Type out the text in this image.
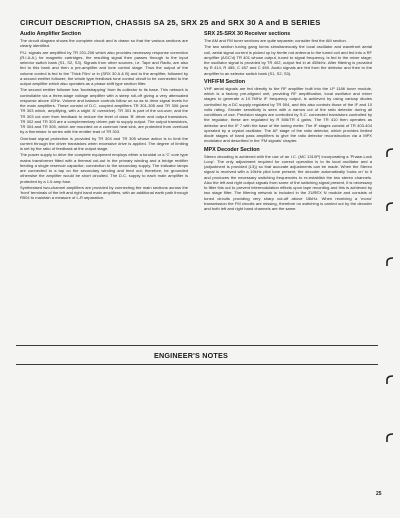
CIRCUIT DESCRIPTION, CHASSIS SA 25, SRX 25 and SRX 30 A and B SERIES
Audio Amplifier Section

The circuit diagram shows the complete circuit and is drawn so that the various sections are clearly identified.

P.U. signals are amplified by TR 201-206 which also provides necessary response correction (R.I.A.A.) for magnetic cartridges, the resulting signal then passes through to the input selector switch bank (S1, S2, S3). Signals from other sources, i.e. Tape and Radio, are also fed to this bank and then a pre-amplifier and tone control stage. Thus the output of the volume control is fed to the 'Thick Film' or in (SRX 30 A & B) and to the amplifier, followed by a second emitter follower; the whole type feedback tone control circuit to be connected to the output amplifier which also operates as a phase shift type section filter.

The second emitter follower has 'bootstrapping' from its collector to its base. This network is controllable via a three-stage voltage amplifier with a steep roll-off giving a very attenuated response above 40Hz. Volume and balance controls follow on so as to drive signal levels for the main amplifiers. These consist of D.C. coupled amplifiers TR 301-305 and TR 306 (and TR 303 which, amplifying, with a slight 'A' overdrive). TR 301 is part of the cut-over, and the TR 303 cut over from feedback to reduce the level of class 'B' driver and output transistors. TR 302 and TR 303 are a complementary driven pair to supply output. The output transistors, TR 304 and TR 305, which are mounted on a common heat sink, are protected from overload by a thermistor in series with the emitter lead of TR 303.

Overload signal protection is provided by TR 304 and TR 305 whose action is to limit the current through the driver transistors when excessive drive is applied. The degree of limiting is set by the ratio of feedback at the output stage.

The power supply to drive the complete equipment employs either a toroidal or a 'C' core type mains transformer fitted with a thermal cut-out in the primary winding and a bridge rectifier feeding a single reservoir capacitor; connection to the secondary supply. The indicator lamps are connected to a tap on the secondary winding and feed out; therefore, be grounded otherwise the amplifier would be short circuited. The D.C. supply to each main amplifier is protected by a 1.6 amp fuse.

Synthesised two-channel amplifiers are provided by connecting the main sections across the 'front' terminals of the left and right hand main amplifiers, with an additional earth path through R504 to maintain a measure of L-R separation.

SRX 25-SRX 30 Receiver sections

The AM and FM tuner sections are quite separate; consider first the AM section.

The two section tuning gang forms simultaneously the local oscillator and wavefront aerial coil, aerial signal current is picked up by ferrite rod antenna to the tuned coil and fed into a RF amplifier (AGC'd) TR 401 whose output, tuned to signal frequency, is fed to the mixer stage; the oscillator signal is provided by TR 402, output fed in at 455kHz. After filtering is provided by R 414, R 485, C 457 and C 459. Audio signals are fed from the detector and then to the amplifier to an selector switch bank (S1, S2, S3).

VHF/FM Section

VHF aerial signals are fed directly to the RF amplifier built into the LP 1186 tuner module, which is a factory pre-aligned unit, providing RF amplification, local oscillator and mixer stages to generate a 10.7MHz IF frequency output, is achieved by using varicap diodes controlled by a DC supply regulated by TR 504, and this also controls those of the IF and 10 volts rating. Greater sensitivity is seen with a narrow cut of the ratio detector during all conditions of use. Precision stages are controlled by S.C. connected transistors controlled by the regulator, these are regulated by R 506/TR 4 gains. The TR 410 then operates as detector and the IF 7 with the base of the tuning meter. The IF stages consist of TR 403-404 operated by a crystal oscillator. The AF stage of the ratio detector, which provides limited diode stages of band pass amplifiers to give the ratio detector reconstruction via a MPX modulator and described in the 'FM signals' chapter.

MPX Decoder Section

Stereo decoding is achieved with the use of an I.C. (MC 1310P) incorporating a 'Phase-Lock Loop'. The only adjustment required for correct operation is to its local oscillator and a (adjustment is provided (L3)) so that accurate adjustments can be made. When the Stereo signal is received with a 19kHz pilot tone present, the decoder automatically 'locks on' to it and produces the necessary switching frequencies to re-establish the two stereo channels. Also the left and right output signals from some of the switching signal present, it is necessary to filter this out to prevent intermodulation effects upon tape recording and this is achieved by two stage filter. The filtering network is included in the ZUREX N module and consists of tuned circuits providing very sharp cut-off above 15kHz. When receiving a 'mono' transmission the FM circuits are missing, therefore no switching is carried out by the decoder and both left and right hand channels are the same.

ENGINEER'S NOTES
25
